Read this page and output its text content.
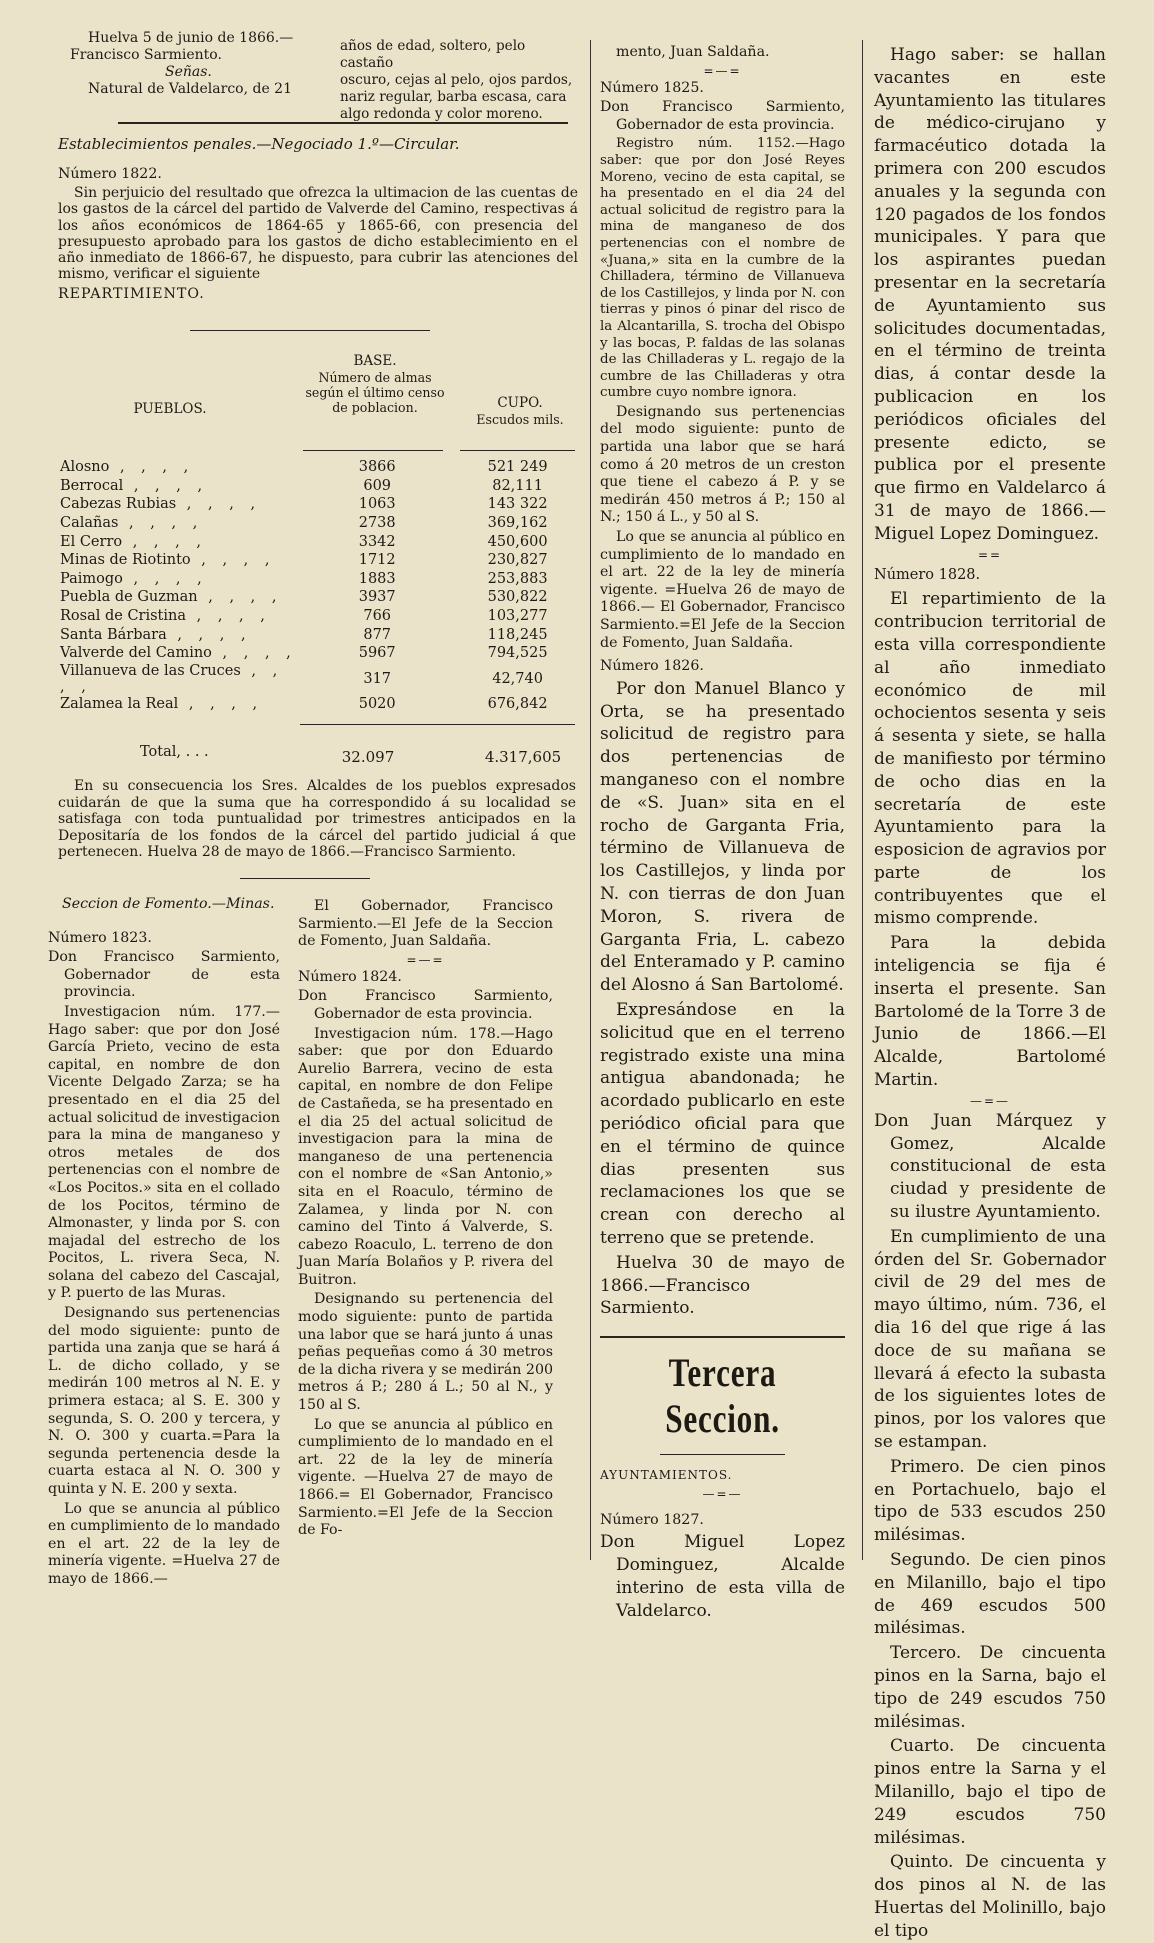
Huelva 5 de junio de 1866.—
Francisco Sarmiento.
Señas.
Natural de Valdelarco, de 21
años de edad, soltero, pelo castaño
oscuro, cejas al pelo, ojos pardos,
nariz regular, barba escasa, cara
algo redonda y color moreno.

Establecimientos penales.—Negociado 1.º—Circular.

Número 1822.

Sin perjuicio del resultado que ofrezca la ultimacion de las cuentas de los gastos de la cárcel del partido de Valverde del Camino, respectivas á los años económicos de 1864-65 y 1865-66, con presencia del presupuesto aprobado para los gastos de dicho establecimiento en el año inmediato de 1866-67, he dispuesto, para cubrir las atenciones del mismo, verificar el siguiente

REPARTIMIENTO.

PUEBLOS.
BASE.
Número de almas según el último censo de poblacion.	CUPO.
Escudos mils.
Alosno , , , ,	3866	521 249
Berrocal , , , ,	609	82,111
Cabezas Rubias , , , ,	1063	143 322
Calañas , , , ,	2738	369,162
El Cerro , , , ,	3342	450,600
Minas de Riotinto , , , ,	1712	230,827
Paimogo , , , ,	1883	253,883
Puebla de Guzman , , , ,	3937	530,822
Rosal de Cristina , , , ,	766	103,277
Santa Bárbara , , , ,	877	118,245
Valverde del Camino , , , ,	5967	794,525
Villanueva de las Cruces , , , ,	317	42,740
Zalamea la Real , , , ,	5020	676,842
Total, . . .	32.097	4.317,605

En su consecuencia los Sres. Alcaldes de los pueblos expresados cuidarán de que la suma que ha correspondido á su localidad se satisfaga con toda puntualidad por trimestres anticipados en la Depositaría de los fondos de la cárcel del partido judicial á que pertenecen. Huelva 28 de mayo de 1866.—Francisco Sarmiento.

Seccion de Fomento.—Minas.

Número 1823.

Don Francisco Sarmiento, Gobernador de esta provincia.

Investigacion núm. 177.—Hago saber: que por don José García Prieto, vecino de esta capital, en nombre de don Vicente Delgado Zarza; se ha presentado en el dia 25 del actual solicitud de investigacion para la mina de manganeso y otros metales de dos pertenencias con el nombre de «Los Pocitos.» sita en el collado de los Pocitos, término de Almonaster, y linda por S. con majadal del estrecho de los Pocitos, L. rivera Seca, N. solana del cabezo del Cascajal, y P. puerto de las Muras.

Designando sus pertenencias del modo siguiente: punto de partida una zanja que se hará á L. de dicho collado, y se medirán 100 metros al N. E. y primera estaca; al S. E. 300 y segunda, S. O. 200 y tercera, y N. O. 300 y cuarta.=Para la segunda pertenencia desde la cuarta estaca al N. O. 300 y quinta y N. E. 200 y sexta.

Lo que se anuncia al público en cumplimiento de lo mandado en el art. 22 de la ley de minería vigente. =Huelva 27 de mayo de 1866.—

El Gobernador, Francisco Sarmiento.—El Jefe de la Seccion de Fomento, Juan Saldaña.

=—=

Número 1824.

Don Francisco Sarmiento, Gobernador de esta provincia.

Investigacion núm. 178.—Hago saber: que por don Eduardo Aurelio Barrera, vecino de esta capital, en nombre de don Felipe de Castañeda, se ha presentado en el dia 25 del actual solicitud de investigacion para la mina de manganeso de una pertenencia con el nombre de «San Antonio,» sita en el Roaculo, término de Zalamea, y linda por N. con camino del Tinto á Valverde, S. cabezo Roaculo, L. terreno de don Juan María Bolaños y P. rivera del Buitron.

Designando su pertenencia del modo siguiente: punto de partida una labor que se hará junto á unas peñas pequeñas como á 30 metros de la dicha rivera y se medirán 200 metros á P.; 280 á L.; 50 al N., y 150 al S.

Lo que se anuncia al público en cumplimiento de lo mandado en el art. 22 de la ley de minería vigente. —Huelva 27 de mayo de 1866.= El Gobernador, Francisco Sarmiento.=El Jefe de la Seccion de Fo-

mento, Juan Saldaña.

=—=

Número 1825.

Don Francisco Sarmiento, Gobernador de esta provincia.

Registro núm. 1152.—Hago saber: que por don José Reyes Moreno, vecino de esta capital, se ha presentado en el dia 24 del actual solicitud de registro para la mina de manganeso de dos pertenencias con el nombre de «Juana,» sita en la cumbre de la Chilladera, término de Villanueva de los Castillejos, y linda por N. con tierras y pinos ó pinar del risco de la Alcantarilla, S. trocha del Obispo y las bocas, P. faldas de las solanas de las Chilladeras y L. regajo de la cumbre de las Chilladeras y otra cumbre cuyo nombre ignora.

Designando sus pertenencias del modo siguiente: punto de partida una labor que se hará como á 20 metros de un creston que tiene el cabezo á P. y se medirán 450 metros á P.; 150 al N.; 150 á L., y 50 al S.

Lo que se anuncia al público en cumplimiento de lo mandado en el art. 22 de la ley de minería vigente. =Huelva 26 de mayo de 1866.— El Gobernador, Francisco Sarmiento.=El Jefe de la Seccion de Fomento, Juan Saldaña.

Número 1826.

Por don Manuel Blanco y Orta, se ha presentado solicitud de registro para dos pertenencias de manganeso con el nombre de «S. Juan» sita en el rocho de Garganta Fria, término de Villanueva de los Castillejos, y linda por N. con tierras de don Juan Moron, S. rivera de Garganta Fria, L. cabezo del Enteramado y P. camino del Alosno á San Bartolomé.

Expresándose en la solicitud que en el terreno registrado existe una mina antigua abandonada; he acordado publicarlo en este periódico oficial para que en el término de quince dias presenten sus reclamaciones los que se crean con derecho al terreno que se pretende.

Huelva 30 de mayo de 1866.—Francisco Sarmiento.

Tercera Seccion.

AYUNTAMIENTOS.

—=—

Número 1827.

Don Miguel Lopez Dominguez, Alcalde interino de esta villa de Valdelarco.

Hago saber: se hallan vacantes en este Ayuntamiento las titulares de médico-cirujano y farmacéutico dotada la primera con 200 escudos anuales y la segunda con 120 pagados de los fondos municipales. Y para que los aspirantes puedan presentar en la secretaría de Ayuntamiento sus solicitudes documentadas, en el término de treinta dias, á contar desde la publicacion en los periódicos oficiales del presente edicto, se publica por el presente que firmo en Valdelarco á 31 de mayo de 1866.—Miguel Lopez Dominguez.

==

Número 1828.

El repartimiento de la contribucion territorial de esta villa correspondiente al año inmediato económico de mil ochocientos sesenta y seis á sesenta y siete, se halla de manifiesto por término de ocho dias en la secretaría de este Ayuntamiento para la esposicion de agravios por parte de los contribuyentes que el mismo comprende.

Para la debida inteligencia se fija é inserta el presente. San Bartolomé de la Torre 3 de Junio de 1866.—El Alcalde, Bartolomé Martin.

—=—

Don Juan Márquez y Gomez, Alcalde constitucional de esta ciudad y presidente de su ilustre Ayuntamiento.

En cumplimiento de una órden del Sr. Gobernador civil de 29 del mes de mayo último, núm. 736, el dia 16 del que rige á las doce de su mañana se llevará á efecto la subasta de los siguientes lotes de pinos, por los valores que se estampan.

Primero. De cien pinos en Portachuelo, bajo el tipo de 533 escudos 250 milésimas.

Segundo. De cien pinos en Milanillo, bajo el tipo de 469 escudos 500 milésimas.

Tercero. De cincuenta pinos en la Sarna, bajo el tipo de 249 escudos 750 milésimas.

Cuarto. De cincuenta pinos entre la Sarna y el Milanillo, bajo el tipo de 249 escudos 750 milésimas.

Quinto. De cincuenta y dos pinos al N. de las Huertas del Molinillo, bajo el tipo
